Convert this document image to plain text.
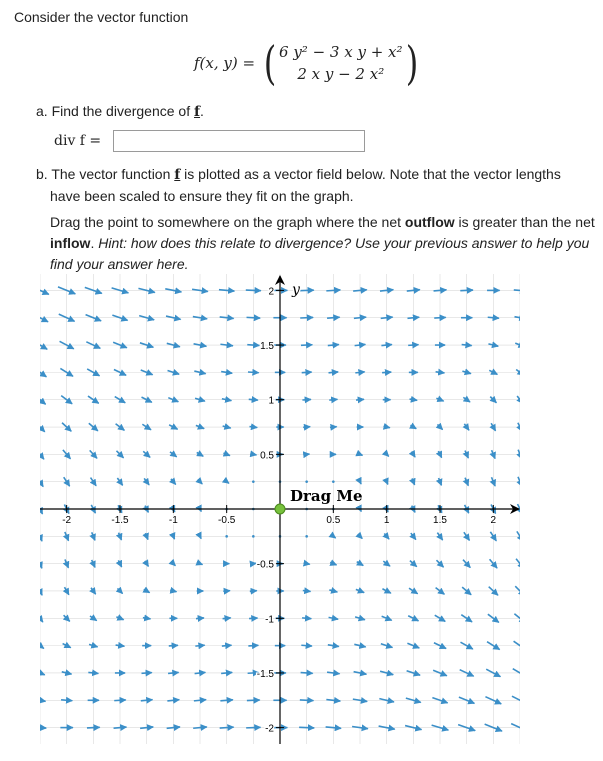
Consider the vector function
f(x, y) = ( 6 y² − 3 x y + x²
2 x y − 2 x² )
a. Find the divergence of f.
div f =
b. The vector function f is plotted as a vector field below. Note that the vector lengths
have been scaled to ensure they fit on the graph.
Drag the point to somewhere on the graph where the net outflow is greater than the net inflow. Hint: how does this relate to divergence? Use your previous answer to help you find your answer here.
-2	-1.5	-1	-0.5	0.5	1	1.5	2
2
1.5
1
0.5
-0.5
-1
-1.5
-2
y
Drag Me
